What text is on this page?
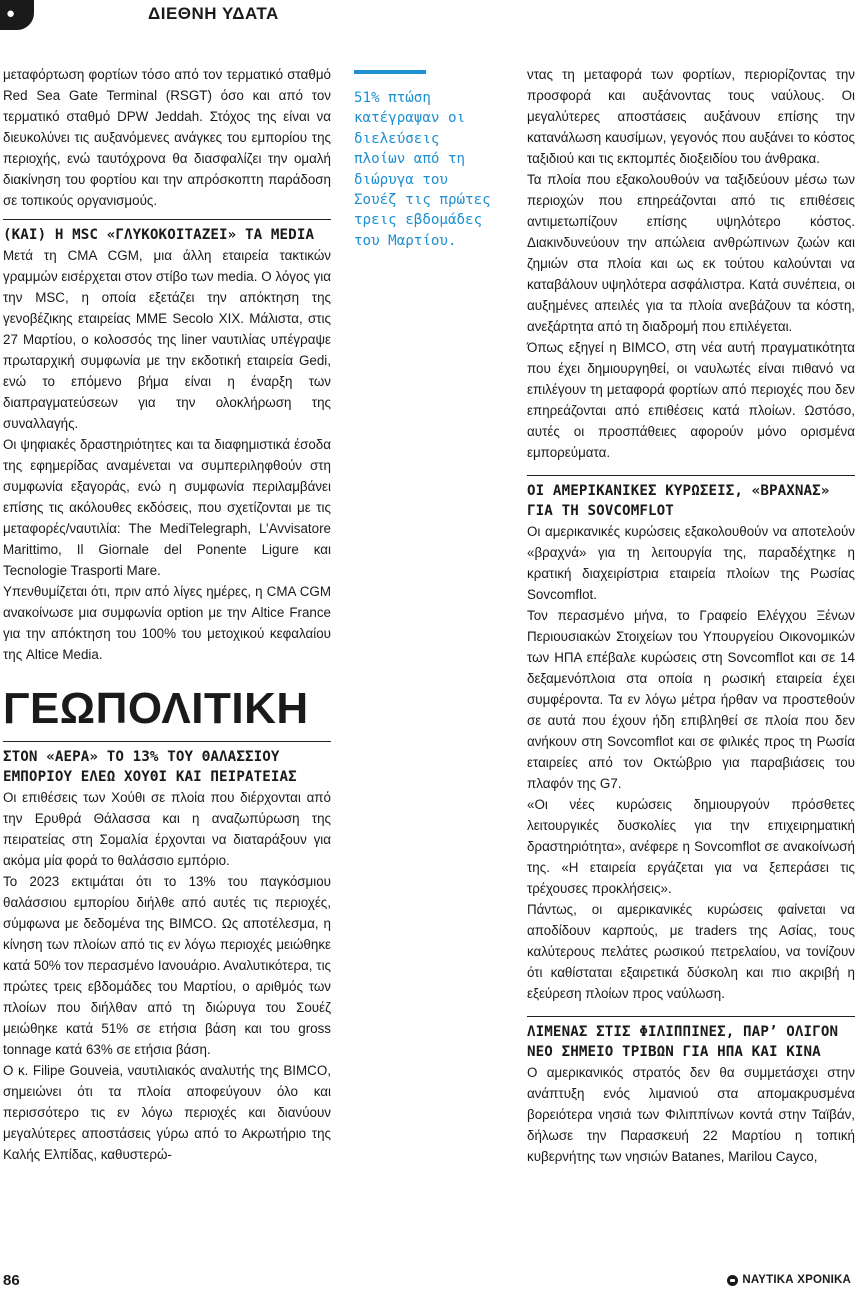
●	ΔΙΕΘΝΗ ΥΔΑΤΑ

μεταφόρτωση φορτίων τόσο από τον τερματικό σταθμό Red Sea Gate Terminal (RSGT) όσο και από τον τερματικό σταθμό DPW Jeddah. Στόχος της είναι να διευκολύνει τις αυξανόμενες ανάγκες του εμπορίου της περιοχής, ενώ ταυτόχρονα θα διασφαλίζει την ομαλή διακίνηση του φορτίου και την απρόσκοπτη παράδοση σε τοπικούς οργανισμούς.

(ΚΑΙ) Η MSC «ΓΛΥΚΟΚΟΙΤΑΖΕΙ» ΤΑ MEDIA

Μετά τη CMA CGM, μια άλλη εταιρεία τακτικών γραμμών εισέρχεται στον στίβο των media. Ο λόγος για την MSC, η οποία εξετάζει την απόκτηση της γενοβέζικης εταιρείας MME Secolo XIX. Μάλιστα, στις 27 Μαρτίου, ο κολοσσός της liner ναυτιλίας υπέγραψε πρωταρχική συμφωνία με την εκδοτική εταιρεία Gedi, ενώ το επόμενο βήμα είναι η έναρξη των διαπραγματεύσεων για την ολοκλήρωση της συναλλαγής.

Οι ψηφιακές δραστηριότητες και τα διαφημιστικά έσοδα της εφημερίδας αναμένεται να συμπεριληφθούν στη συμφωνία εξαγοράς, ενώ η συμφωνία περιλαμβάνει επίσης τις ακόλουθες εκδόσεις, που σχετίζονται με τις μεταφορές/ναυτιλία: The MediTelegraph, L’Avvisatore Marittimo, Il Giornale del Ponente Ligure και Tecnologie Trasporti Mare.

Υπενθυμίζεται ότι, πριν από λίγες ημέρες, η CMA CGM ανακοίνωσε μια συμφωνία option με την Altice France για την απόκτηση του 100% του μετοχικού κεφαλαίου της Altice Media.

ΓΕΩΠΟΛΙΤΙΚΗ
ΣΤΟΝ «ΑΕΡΑ» ΤΟ 13% ΤΟΥ ΘΑΛΑΣΣΙΟΥ ΕΜΠΟΡΙΟΥ ΕΛΕΩ ΧΟΥΘΙ ΚΑΙ ΠΕΙΡΑΤΕΙΑΣ

Οι επιθέσεις των Χούθι σε πλοία που διέρχονται από την Ερυθρά Θάλασσα και η αναζωπύρωση της πειρατείας στη Σομαλία έρχονται να διαταράξουν για ακόμα μία φορά το θαλάσσιο εμπόριο.

Το 2023 εκτιμάται ότι το 13% του παγκόσμιου θαλάσσιου εμπορίου διήλθε από αυτές τις περιοχές, σύμφωνα με δεδομένα της BIMCO. Ως αποτέλεσμα, η κίνηση των πλοίων από τις εν λόγω περιοχές μειώθηκε κατά 50% τον περασμένο Ιανουάριο. Αναλυτικότερα, τις πρώτες τρεις εβδομάδες του Μαρτίου, ο αριθμός των πλοίων που διήλθαν από τη διώρυγα του Σουέζ μειώθηκε κατά 51% σε ετήσια βάση και του gross tonnage κατά 63% σε ετήσια βάση.

Ο κ. Filipe Gouveia, ναυτιλιακός αναλυτής της BIMCO, σημειώνει ότι τα πλοία αποφεύγουν όλο και περισσότερο τις εν λόγω περιοχές και διανύουν μεγαλύτερες αποστάσεις γύρω από το Ακρωτήριο της Καλής Ελπίδας, καθυστερώ-

51% πτώση κατέγραψαν οι διελεύσεις πλοίων από τη διώρυγα του Σουέζ τις πρώτες τρεις εβδομάδες του Μαρτίου.

ντας τη μεταφορά των φορτίων, περιορίζοντας την προσφορά και αυξάνοντας τους ναύλους. Οι μεγαλύτερες αποστάσεις αυξάνουν επίσης την κατανάλωση καυσίμων, γεγονός που αυξάνει το κόστος ταξιδιού και τις εκπομπές διοξειδίου του άνθρακα.

Τα πλοία που εξακολουθούν να ταξιδεύουν μέσω των περιοχών που επηρεάζονται από τις επιθέσεις αντιμετωπίζουν επίσης υψηλότερο κόστος. Διακινδυνεύουν την απώλεια ανθρώπινων ζωών και ζημιών στα πλοία και ως εκ τούτου καλούνται να καταβάλουν υψηλότερα ασφάλιστρα. Κατά συνέπεια, οι αυξημένες απειλές για τα πλοία ανεβάζουν τα κόστη, ανεξάρτητα από τη διαδρομή που επιλέγεται.

Όπως εξηγεί η BIMCO, στη νέα αυτή πραγματικότητα που έχει δημιουργηθεί, οι ναυλωτές είναι πιθανό να επιλέγουν τη μεταφορά φορτίων από περιοχές που δεν επηρεάζονται από επιθέσεις κατά πλοίων. Ωστόσο, αυτές οι προσπάθειες αφορούν μόνο ορισμένα εμπορεύματα.

ΟΙ ΑΜΕΡΙΚΑΝΙΚΕΣ ΚΥΡΩΣΕΙΣ, «ΒΡΑΧΝΑΣ» ΓΙΑ ΤΗ SOVCOMFLOT

Οι αμερικανικές κυρώσεις εξακολουθούν να αποτελούν «βραχνά» για τη λειτουργία της, παραδέχτηκε η κρατική διαχειρίστρια εταιρεία πλοίων της Ρωσίας Sovcomflot.

Τον περασμένο μήνα, το Γραφείο Ελέγχου Ξένων Περιουσιακών Στοιχείων του Υπουργείου Οικονομικών των ΗΠΑ επέβαλε κυρώσεις στη Sovcomflot και σε 14 δεξαμενόπλοια στα οποία η ρωσική εταιρεία έχει συμφέροντα. Τα εν λόγω μέτρα ήρθαν να προστεθούν σε αυτά που έχουν ήδη επιβληθεί σε πλοία που δεν ανήκουν στη Sovcomflot και σε φιλικές προς τη Ρωσία εταιρείες από τον Οκτώβριο για παραβιάσεις του πλαφόν της G7.

«Οι νέες κυρώσεις δημιουργούν πρόσθετες λειτουργικές δυσκολίες για την επιχειρηματική δραστηριότητα», ανέφερε η Sovcomflot σε ανακοίνωσή της. «Η εταιρεία εργάζεται για να ξεπεράσει τις τρέχουσες προκλήσεις».

Πάντως, οι αμερικανικές κυρώσεις φαίνεται να αποδίδουν καρπούς, με traders της Ασίας, τους καλύτερους πελάτες ρωσικού πετρελαίου, να τονίζουν ότι καθίσταται εξαιρετικά δύσκολη και πιο ακριβή η εξεύρεση πλοίων προς ναύλωση.

ΛΙΜΕΝΑΣ ΣΤΙΣ ΦΙΛΙΠΠΙΝΕΣ, ΠΑΡ’ ΟΛΙΓΟΝ ΝΕΟ ΣΗΜΕΙΟ ΤΡΙΒΩΝ ΓΙΑ ΗΠΑ ΚΑΙ ΚΙΝΑ

Ο αμερικανικός στρατός δεν θα συμμετάσχει στην ανάπτυξη ενός λιμανιού στα απομακρυσμένα βορειότερα νησιά των Φιλιππίνων κοντά στην Ταϊβάν, δήλωσε την Παρασκευή 22 Μαρτίου η τοπική κυβερνήτης των νησιών Batanes, Marilou Cayco,

86	ΝΑΥΤΙΚΑ ΧΡΟΝΙΚΑ
